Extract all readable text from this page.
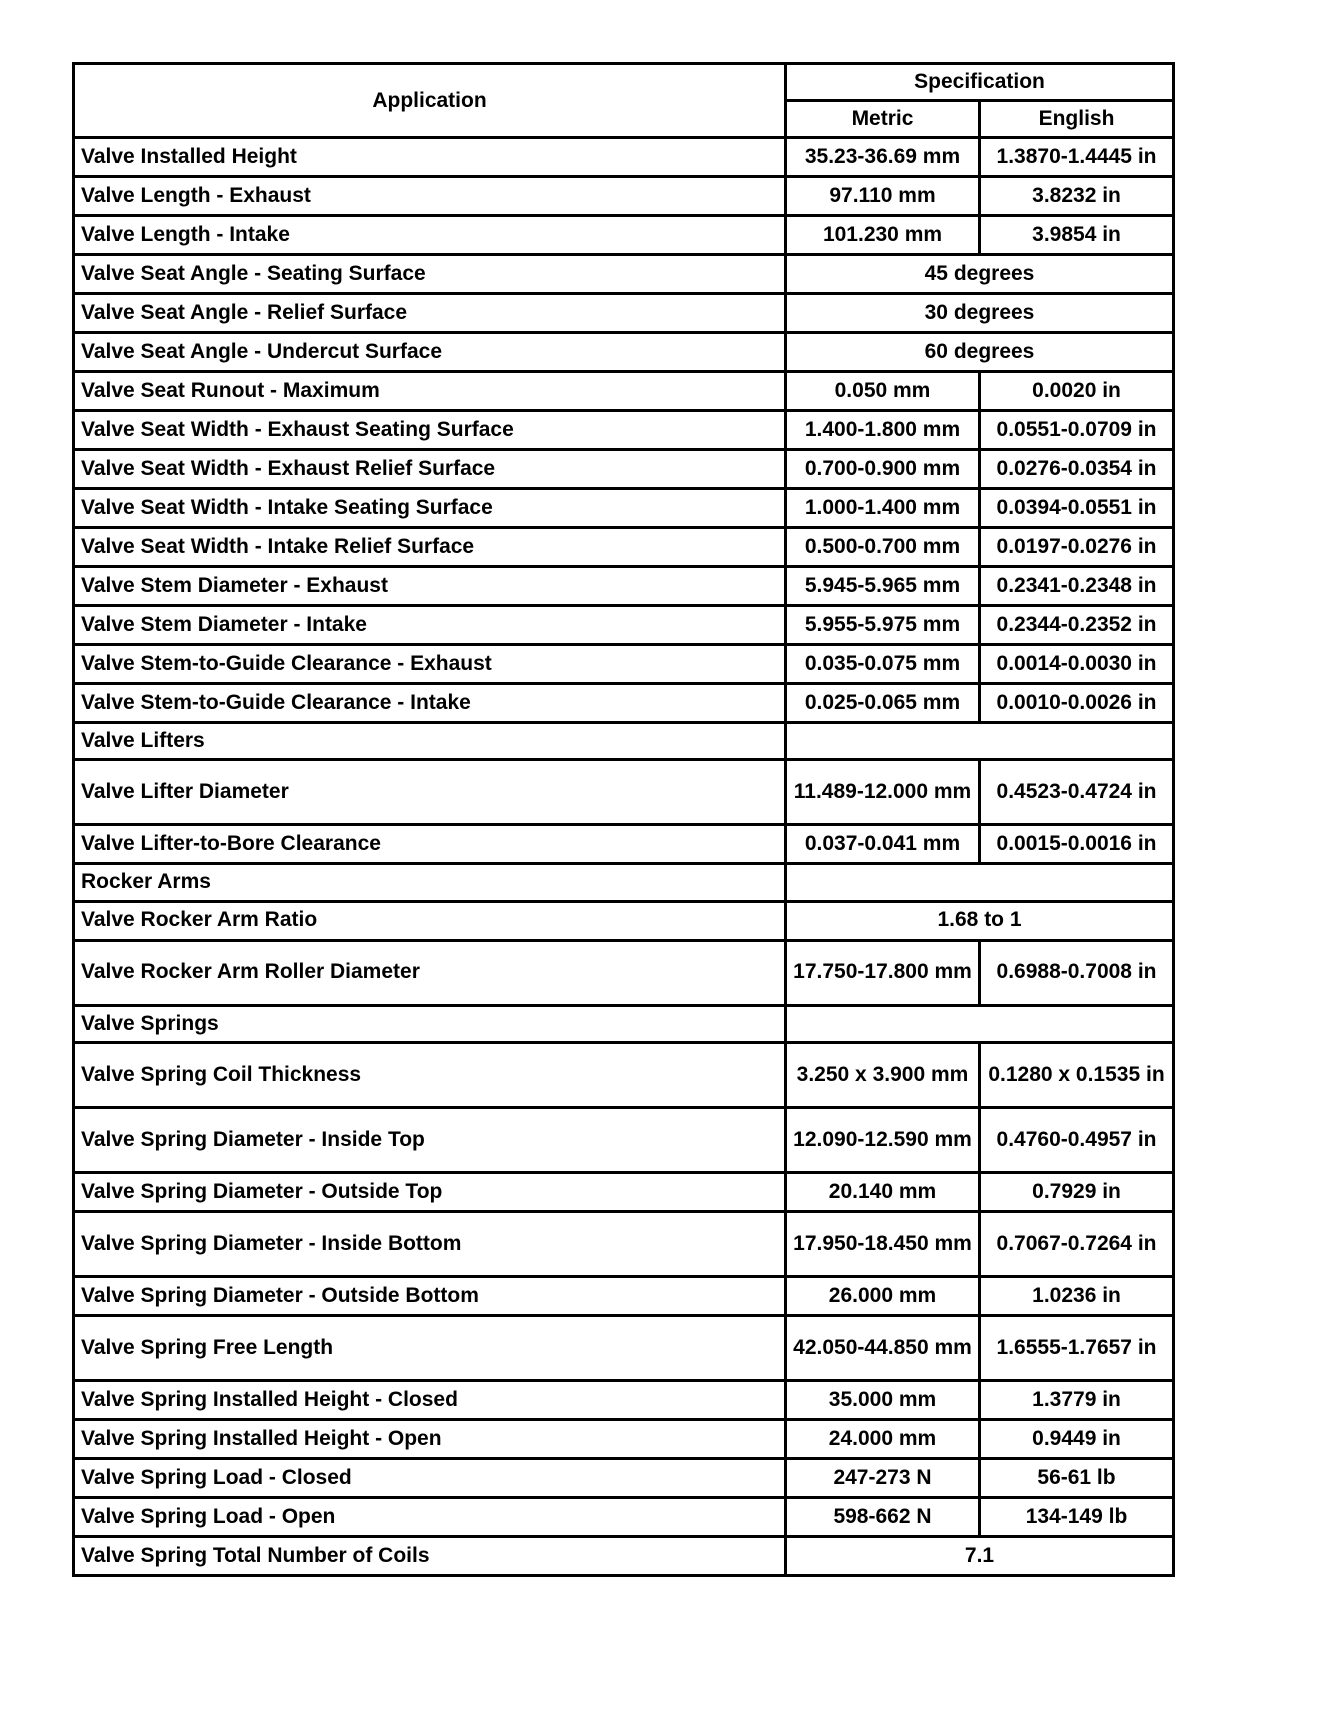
Application	Specification	
	Metric	English
Valve Installed Height	35.23-36.69 mm	1.3870-1.4445 in
Valve Length - Exhaust	97.110 mm	3.8232 in
Valve Length - Intake	101.230 mm	3.9854 in
Valve Seat Angle - Seating Surface	45 degrees	
Valve Seat Angle - Relief Surface	30 degrees	
Valve Seat Angle - Undercut Surface	60 degrees	
Valve Seat Runout - Maximum	0.050 mm	0.0020 in
Valve Seat Width - Exhaust Seating Surface	1.400-1.800 mm	0.0551-0.0709 in
Valve Seat Width - Exhaust Relief Surface	0.700-0.900 mm	0.0276-0.0354 in
Valve Seat Width - Intake Seating Surface	1.000-1.400 mm	0.0394-0.0551 in
Valve Seat Width - Intake Relief Surface	0.500-0.700 mm	0.0197-0.0276 in
Valve Stem Diameter - Exhaust	5.945-5.965 mm	0.2341-0.2348 in
Valve Stem Diameter - Intake	5.955-5.975 mm	0.2344-0.2352 in
Valve Stem-to-Guide Clearance - Exhaust	0.035-0.075 mm	0.0014-0.0030 in
Valve Stem-to-Guide Clearance - Intake	0.025-0.065 mm	0.0010-0.0026 in
Valve Lifters		
Valve Lifter Diameter	11.489-12.000 mm	0.4523-0.4724 in
Valve Lifter-to-Bore Clearance	0.037-0.041 mm	0.0015-0.0016 in
Rocker Arms		
Valve Rocker Arm Ratio	1.68 to 1	
Valve Rocker Arm Roller Diameter	17.750-17.800 mm	0.6988-0.7008 in
Valve Springs		
Valve Spring Coil Thickness	3.250 x 3.900 mm	0.1280 x 0.1535 in
Valve Spring Diameter - Inside Top	12.090-12.590 mm	0.4760-0.4957 in
Valve Spring Diameter - Outside Top	20.140 mm	0.7929 in
Valve Spring Diameter - Inside Bottom	17.950-18.450 mm	0.7067-0.7264 in
Valve Spring Diameter - Outside Bottom	26.000 mm	1.0236 in
Valve Spring Free Length	42.050-44.850 mm	1.6555-1.7657 in
Valve Spring Installed Height - Closed	35.000 mm	1.3779 in
Valve Spring Installed Height - Open	24.000 mm	0.9449 in
Valve Spring Load - Closed	247-273 N	56-61 lb
Valve Spring Load - Open	598-662 N	134-149 lb
Valve Spring Total Number of Coils	7.1	
